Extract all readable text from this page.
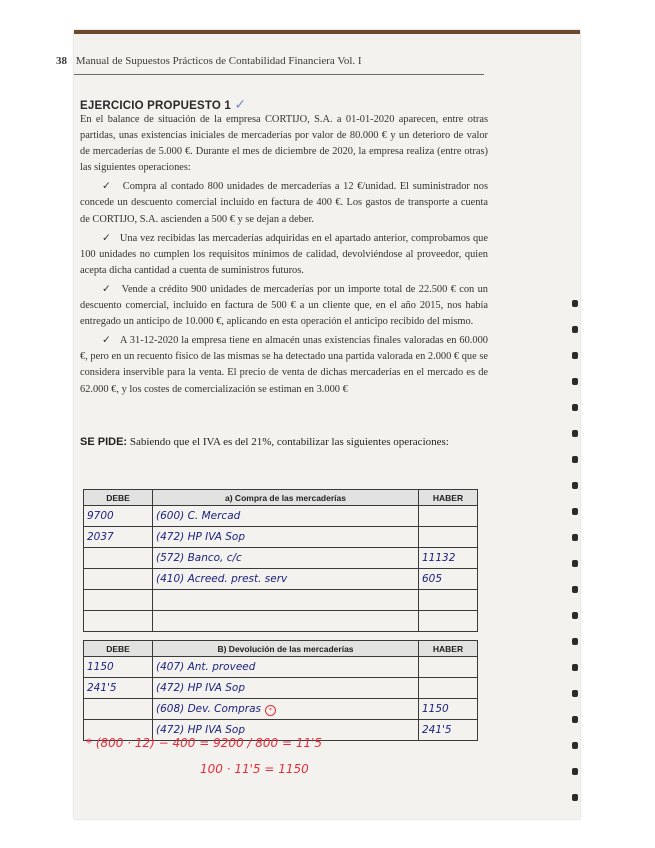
38 Manual de Supuestos Prácticos de Contabilidad Financiera Vol. I
EJERCICIO PROPUESTO 1 ✓

En el balance de situación de la empresa CORTIJO, S.A. a 01-01-2020 aparecen, entre otras partidas, unas existencias iniciales de mercaderías por valor de 80.000 € y un deterioro de valor de mercaderías de 5.000 €. Durante el mes de diciembre de 2020, la empresa realiza (entre otras) las siguientes operaciones:

✓ Compra al contado 800 unidades de mercaderías a 12 €/unidad. El suministrador nos concede un descuento comercial incluido en factura de 400 €. Los gastos de transporte a cuenta de CORTIJO, S.A. ascienden a 500 € y se dejan a deber.

✓ Una vez recibidas las mercaderías adquiridas en el apartado anterior, comprobamos que 100 unidades no cumplen los requisitos mínimos de calidad, devolviéndose al proveedor, quien acepta dicha cantidad a cuenta de suministros futuros.

✓ Vende a crédito 900 unidades de mercaderías por un importe total de 22.500 € con un descuento comercial, incluido en factura de 500 € a un cliente que, en el año 2015, nos había entregado un anticipo de 10.000 €, aplicando en esta operación el anticipo recibido del mismo.

✓ A 31-12-2020 la empresa tiene en almacén unas existencias finales valoradas en 60.000 €, pero en un recuento físico de las mismas se ha detectado una partida valorada en 2.000 € que se considera inservible para la venta. El precio de venta de dichas mercaderías en el mercado es de 62.000 €, y los costes de comercialización se estiman en 3.000 €

SE PIDE: Sabiendo que el IVA es del 21%, contabilizar las siguientes operaciones:
DEBE	a) Compra de las mercaderías	HABER
9700	(600) C. Mercad	
2037	(472) HP IVA Sop	
	(572) Banco, c/c	11132
	(410) Acreed. prest. serv	605

DEBE	B) Devolución de las mercaderías	HABER
1150	(407) Ant. proveed	
241'5	(472) HP IVA Sop	
	(608) Dev. Compras *	1150
	(472) HP IVA Sop	241'5
* (800 · 12) − 400 = 9200 / 800 = 11'5
100 · 11'5 = 1150
